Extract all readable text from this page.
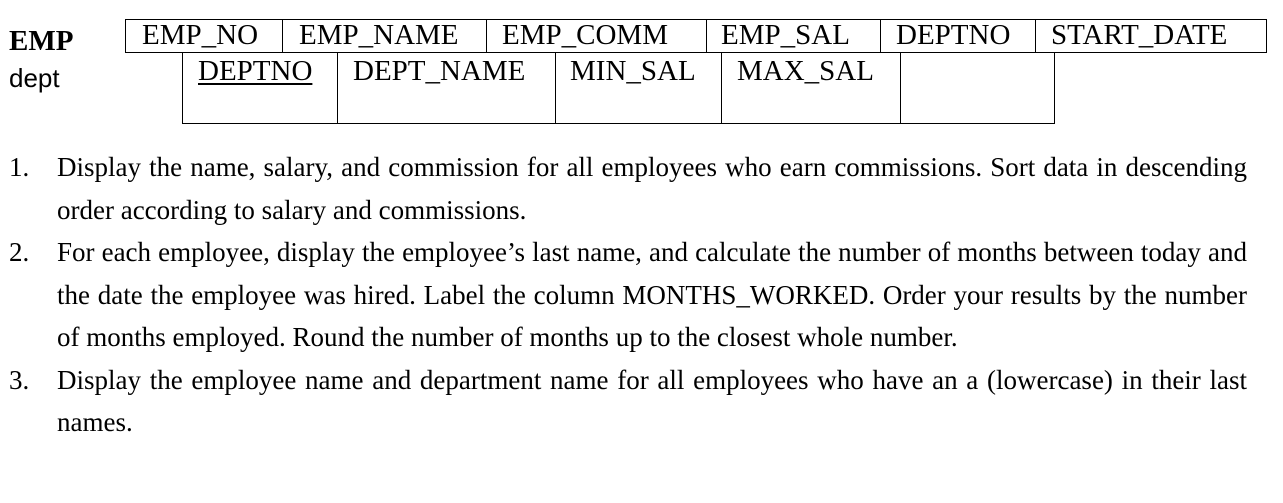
EMP
dept
EMP_NO	EMP_NAME	EMP_COMM	EMP_SAL	DEPTNO	START_DATE
DEPTNO	DEPT_NAME	MIN_SAL	MAX_SAL
1. Display the name, salary, and commission for all employees who earn commissions. Sort data in descending order according to salary and commissions.
2. For each employee, display the employee’s last name, and calculate the number of months between today and the date the employee was hired. Label the column MONTHS_WORKED. Order your results by the number of months employed. Round the number of months up to the closest whole number.
3. Display the employee name and department name for all employees who have an a (lowercase) in their last names.
